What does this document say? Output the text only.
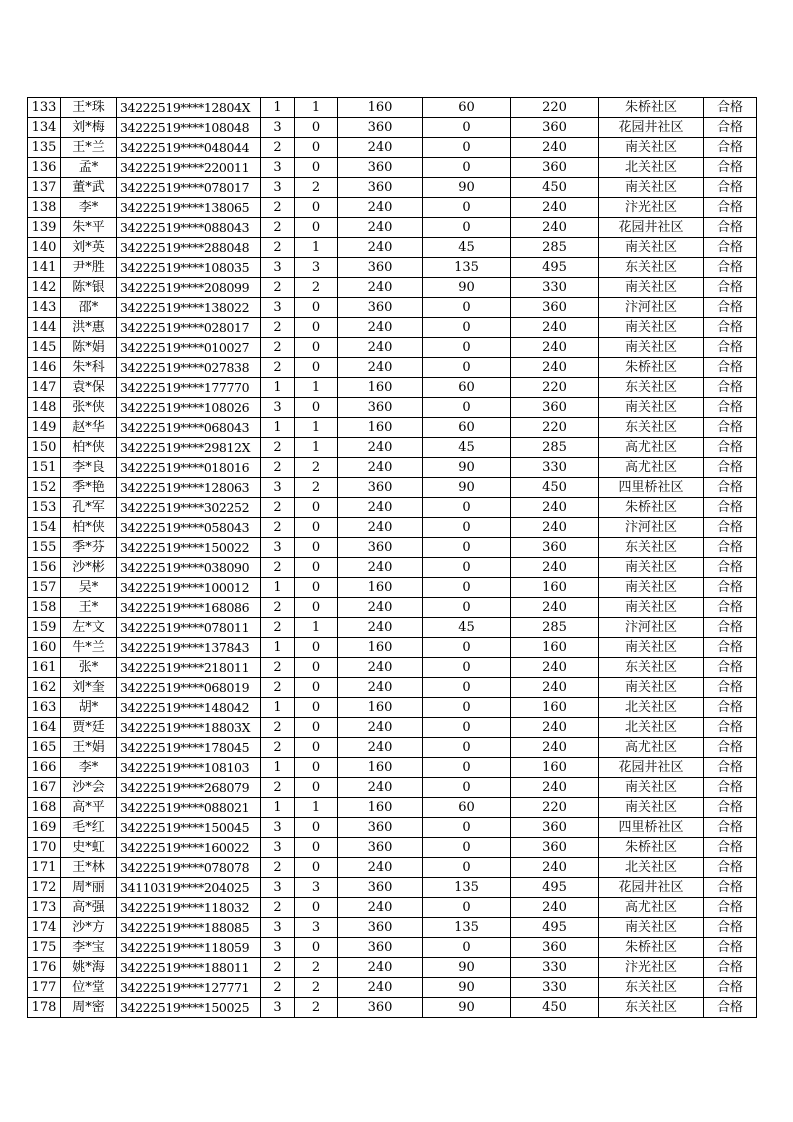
133	王*珠	34222519****12804X	1	1	160	60	220	朱桥社区	合格
134	刘*梅	34222519****108048	3	0	360	0	360	花园井社区	合格
135	王*兰	34222519****048044	2	0	240	0	240	南关社区	合格
136	孟*	34222519****220011	3	0	360	0	360	北关社区	合格
137	董*武	34222519****078017	3	2	360	90	450	南关社区	合格
138	李*	34222519****138065	2	0	240	0	240	汴光社区	合格
139	朱*平	34222519****088043	2	0	240	0	240	花园井社区	合格
140	刘*英	34222519****288048	2	1	240	45	285	南关社区	合格
141	尹*胜	34222519****108035	3	3	360	135	495	东关社区	合格
142	陈*银	34222519****208099	2	2	240	90	330	南关社区	合格
143	邵*	34222519****138022	3	0	360	0	360	汴河社区	合格
144	洪*惠	34222519****028017	2	0	240	0	240	南关社区	合格
145	陈*娟	34222519****010027	2	0	240	0	240	南关社区	合格
146	朱*科	34222519****027838	2	0	240	0	240	朱桥社区	合格
147	袁*保	34222519****177770	1	1	160	60	220	东关社区	合格
148	张*侠	34222519****108026	3	0	360	0	360	南关社区	合格
149	赵*华	34222519****068043	1	1	160	60	220	东关社区	合格
150	柏*侠	34222519****29812X	2	1	240	45	285	高尤社区	合格
151	李*良	34222519****018016	2	2	240	90	330	高尤社区	合格
152	季*艳	34222519****128063	3	2	360	90	450	四里桥社区	合格
153	孔*军	34222519****302252	2	0	240	0	240	朱桥社区	合格
154	柏*侠	34222519****058043	2	0	240	0	240	汴河社区	合格
155	季*芬	34222519****150022	3	0	360	0	360	东关社区	合格
156	沙*彬	34222519****038090	2	0	240	0	240	南关社区	合格
157	吴*	34222519****100012	1	0	160	0	160	南关社区	合格
158	王*	34222519****168086	2	0	240	0	240	南关社区	合格
159	左*文	34222519****078011	2	1	240	45	285	汴河社区	合格
160	牛*兰	34222519****137843	1	0	160	0	160	南关社区	合格
161	张*	34222519****218011	2	0	240	0	240	东关社区	合格
162	刘*奎	34222519****068019	2	0	240	0	240	南关社区	合格
163	胡*	34222519****148042	1	0	160	0	160	北关社区	合格
164	贾*廷	34222519****18803X	2	0	240	0	240	北关社区	合格
165	王*娟	34222519****178045	2	0	240	0	240	高尤社区	合格
166	李*	34222519****108103	1	0	160	0	160	花园井社区	合格
167	沙*会	34222519****268079	2	0	240	0	240	南关社区	合格
168	高*平	34222519****088021	1	1	160	60	220	南关社区	合格
169	毛*红	34222519****150045	3	0	360	0	360	四里桥社区	合格
170	史*虹	34222519****160022	3	0	360	0	360	朱桥社区	合格
171	王*林	34222519****078078	2	0	240	0	240	北关社区	合格
172	周*丽	34110319****204025	3	3	360	135	495	花园井社区	合格
173	高*强	34222519****118032	2	0	240	0	240	高尤社区	合格
174	沙*方	34222519****188085	3	3	360	135	495	南关社区	合格
175	李*宝	34222519****118059	3	0	360	0	360	朱桥社区	合格
176	姚*海	34222519****188011	2	2	240	90	330	汴光社区	合格
177	位*堂	34222519****127771	2	2	240	90	330	东关社区	合格
178	周*密	34222519****150025	3	2	360	90	450	东关社区	合格
